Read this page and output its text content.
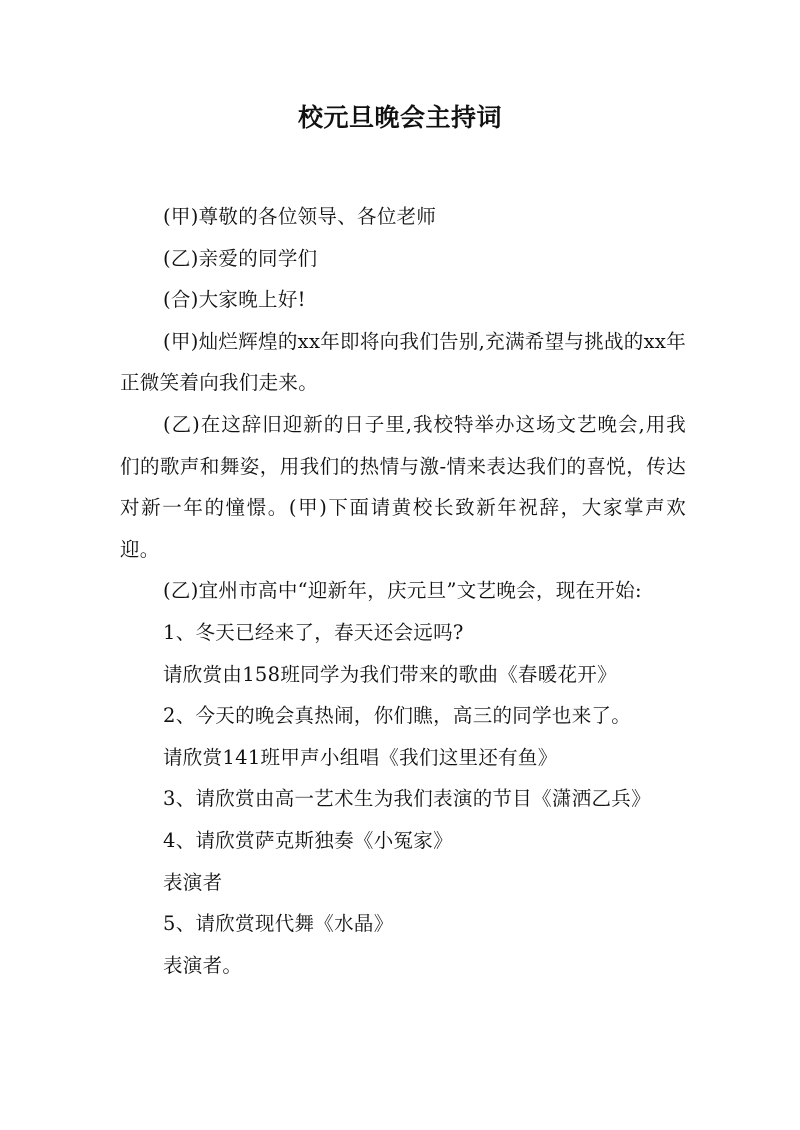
校元旦晚会主持词

(甲)尊敬的各位领导、各位老师

(乙)亲爱的同学们

(合)大家晚上好!

(甲)灿烂辉煌的xx年即将向我们告别,充满希望与挑战的xx年正微笑着向我们走来。

(乙)在这辞旧迎新的日子里,我校特举办这场文艺晚会,用我们的歌声和舞姿，用我们的热情与激-情来表达我们的喜悦，传达对新一年的憧憬。(甲)下面请黄校长致新年祝辞，大家掌声欢迎。

(乙)宜州市高中“迎新年，庆元旦”文艺晚会，现在开始:

1、冬天已经来了，春天还会远吗?

请欣赏由158班同学为我们带来的歌曲《春暖花开》

2、今天的晚会真热闹，你们瞧，高三的同学也来了。

请欣赏141班甲声小组唱《我们这里还有鱼》

3、请欣赏由高一艺术生为我们表演的节目《潇洒乙兵》

4、请欣赏萨克斯独奏《小冤家》

表演者

5、请欣赏现代舞《水晶》

表演者。
